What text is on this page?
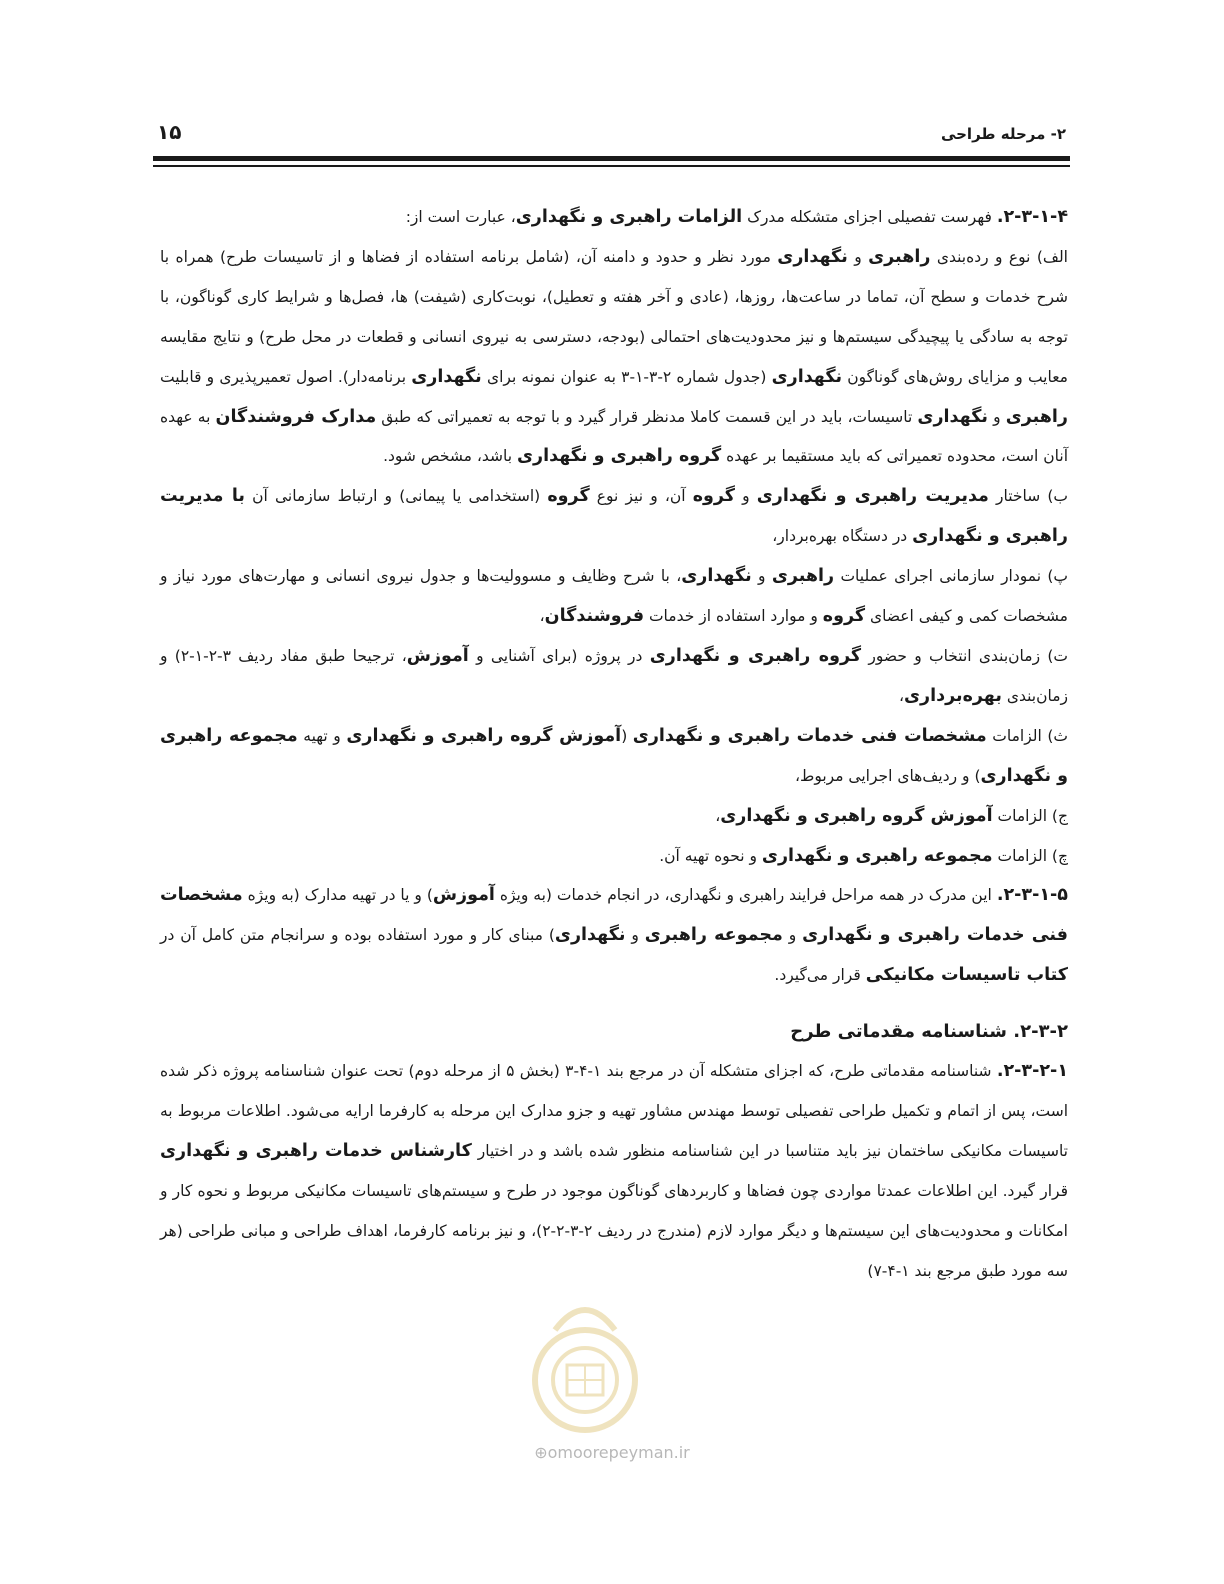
۲- مرحله طراحی
۱۵

۲-۳-۱-۴. فهرست تفصیلی اجزای متشکله مدرک الزامات راهبری و نگهداری، عبارت است از:

الف) نوع و رده‌بندی راهبری و نگهداری مورد نظر و حدود و دامنه آن، (شامل برنامه استفاده از فضاها و از تاسیسات طرح) همراه با شرح خدمات و سطح آن، تماما در ساعت‌ها، روزها، (عادی و آخر هفته و تعطیل)، نوبت‌کاری (شیفت) ها، فصل‌ها و شرایط کاری گوناگون، با توجه به سادگی یا پیچیدگی سیستم‌ها و نیز محدودیت‌های احتمالی (بودجه، دسترسی به نیروی انسانی و قطعات در محل طرح) و نتایج مقایسه معایب و مزایای روش‌های گوناگون نگهداری (جدول شماره ۲-۳-۱-۳ به عنوان نمونه برای نگهداری برنامه‌دار). اصول تعمیرپذیری و قابلیت راهبری و نگهداری تاسیسات، باید در این قسمت کاملا مدنظر قرار گیرد و با توجه به تعمیراتی که طبق مدارک فروشندگان به عهده آنان است، محدوده تعمیراتی که باید مستقیما بر عهده گروه راهبری و نگهداری باشد، مشخص شود.

ب) ساختار مدیریت راهبری و نگهداری و گروه آن، و نیز نوع گروه (استخدامی یا پیمانی) و ارتباط سازمانی آن با مدیریت راهبری و نگهداری در دستگاه بهره‌بردار،

پ) نمودار سازمانی اجرای عملیات راهبری و نگهداری، با شرح وظایف و مسوولیت‌ها و جدول نیروی انسانی و مهارت‌های مورد نیاز و مشخصات کمی و کیفی اعضای گروه و موارد استفاده از خدمات فروشندگان،

ت) زمان‌بندی انتخاب و حضور گروه راهبری و نگهداری در پروژه (برای آشنایی و آموزش، ترجیحا طبق مفاد ردیف ۳-۲-۱-۲) و زمان‌بندی بهره‌برداری،

ث) الزامات مشخصات فنی خدمات راهبری و نگهداری (آموزش گروه راهبری و نگهداری و تهیه مجموعه راهبری و نگهداری) و ردیف‌های اجرایی مربوط،

ج) الزامات آموزش گروه راهبری و نگهداری،

چ) الزامات مجموعه راهبری و نگهداری و نحوه تهیه آن.

۲-۳-۱-۵. این مدرک در همه مراحل فرایند راهبری و نگهداری، در انجام خدمات (به ویژه آموزش) و یا در تهیه مدارک (به ویژه مشخصات فنی خدمات راهبری و نگهداری و مجموعه راهبری و نگهداری) مبنای کار و مورد استفاده بوده و سرانجام متن کامل آن در کتاب تاسیسات مکانیکی قرار می‌گیرد.

۲-۳-۲. شناسنامه مقدماتی طرح

۲-۳-۲-۱. شناسنامه مقدماتی طرح، که اجزای متشکله آن در مرجع بند ۱-۴-۳ (بخش ۵ از مرحله دوم) تحت عنوان شناسنامه پروژه ذکر شده است، پس از اتمام و تکمیل طراحی تفصیلی توسط مهندس مشاور تهیه و جزو مدارک این مرحله به کارفرما ارایه می‌شود. اطلاعات مربوط به تاسیسات مکانیکی ساختمان نیز باید متناسبا در این شناسنامه منظور شده باشد و در اختیار کارشناس خدمات راهبری و نگهداری قرار گیرد. این اطلاعات عمدتا مواردی چون فضاها و کاربردهای گوناگون موجود در طرح و سیستم‌های تاسیسات مکانیکی مربوط و نحوه کار و امکانات و محدودیت‌های این سیستم‌ها و دیگر موارد لازم (مندرج در ردیف ۲-۳-۲-۲)، و نیز برنامه کارفرما، اهداف طراحی و مبانی طراحی (هر سه مورد طبق مرجع بند ۱-۴-۷)

⊕omoorepeyman.ir
